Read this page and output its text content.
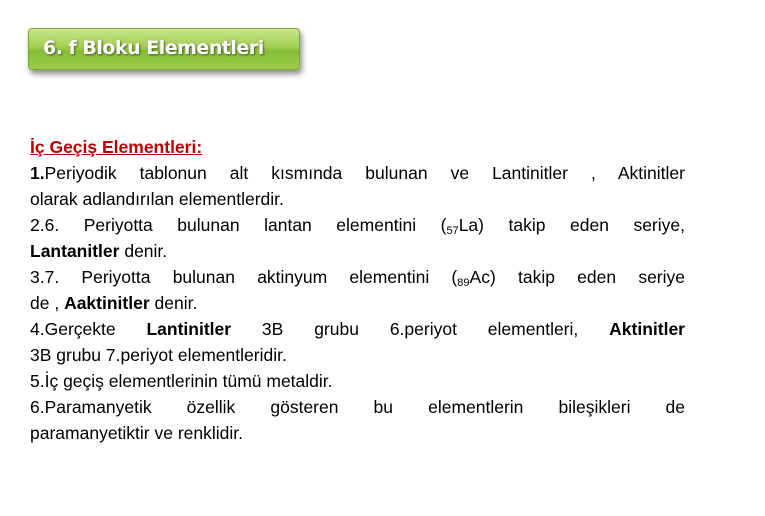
6. f Bloku Elementleri
İç Geçiş Elementleri:
1.Periyodik tablonun alt kısmında bulunan ve Lantinitler , Aktinitler
olarak adlandırılan elementlerdir.
2.6. Periyotta bulunan lantan elementini $(_{57}La)$ takip eden seriye,
Lantanitler denir.
3.7. Periyotta bulunan aktinyum elementini $(_{89}Ac)$ takip eden seriye
de , Aaktinitler denir.
4.Gerçekte Lantinitler 3B grubu 6.periyot elementleri, Aktinitler
3B grubu 7.periyot elementleridir.
5.İç geçiş elementlerinin tümü metaldir.
6.Paramanyetik özellik gösteren bu elementlerin bileşikleri de
paramanyetiktir ve renklidir.
